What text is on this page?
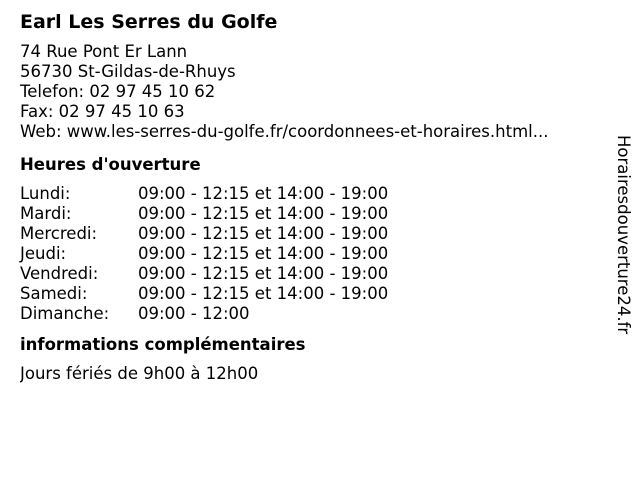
Earl Les Serres du Golfe
74 Rue Pont Er Lann
56730 St-Gildas-de-Rhuys
Telefon: 02 97 45 10 62
Fax: 02 97 45 10 63
Web: www.les-serres-du-golfe.fr/coordonnees-et-horaires.html...
Heures d'ouverture
Lundi:	09:00 - 12:15 et 14:00 - 19:00
Mardi:	09:00 - 12:15 et 14:00 - 19:00
Mercredi:	09:00 - 12:15 et 14:00 - 19:00
Jeudi:	09:00 - 12:15 et 14:00 - 19:00
Vendredi:	09:00 - 12:15 et 14:00 - 19:00
Samedi:	09:00 - 12:15 et 14:00 - 19:00
Dimanche:	09:00 - 12:00
informations complémentaires
Jours fériés de 9h00 à 12h00
Horairesdouverture24.fr
